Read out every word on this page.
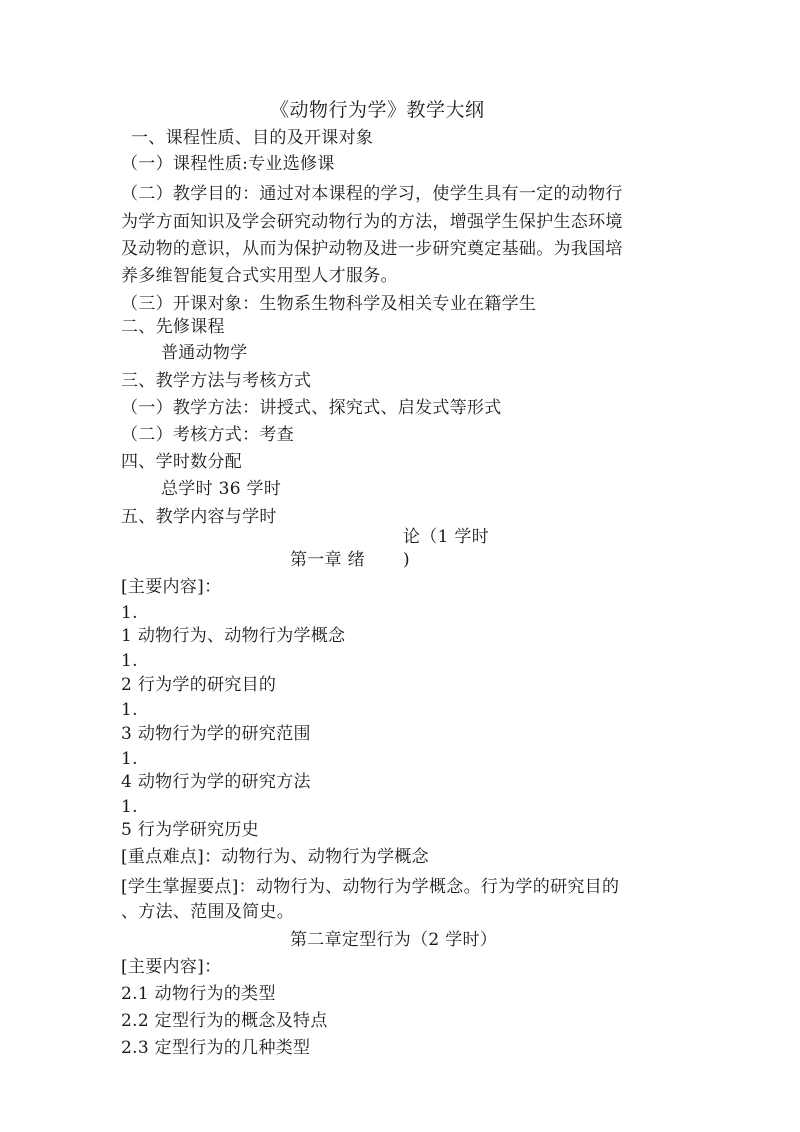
《动物行为学》教学大纲
一、课程性质、目的及开课对象
（一）课程性质:专业选修课
（二）教学目的：通过对本课程的学习，使学生具有一定的动物行
为学方面知识及学会研究动物行为的方法，增强学生保护生态环境
及动物的意识，从而为保护动物及进一步研究奠定基础。为我国培
养多维智能复合式实用型人才服务。
（三）开课对象：生物系生物科学及相关专业在籍学生
二、先修课程
普通动物学
三、教学方法与考核方式
（一）教学方法：讲授式、探究式、启发式等形式
（二）考核方式：考查
四、学时数分配
总学时 36 学时
五、教学内容与学时
论（1 学时
第一章 绪 )
[主要内容]：
1.
1 动物行为、动物行为学概念
1.
2 行为学的研究目的
1.
3 动物行为学的研究范围
1.
4 动物行为学的研究方法
1.
5 行为学研究历史
[重点难点]：动物行为、动物行为学概念
[学生掌握要点]：动物行为、动物行为学概念。行为学的研究目的
、方法、范围及简史。
第二章定型行为（2 学时）
[主要内容]：
2.1 动物行为的类型
2.2 定型行为的概念及特点
2.3 定型行为的几种类型
